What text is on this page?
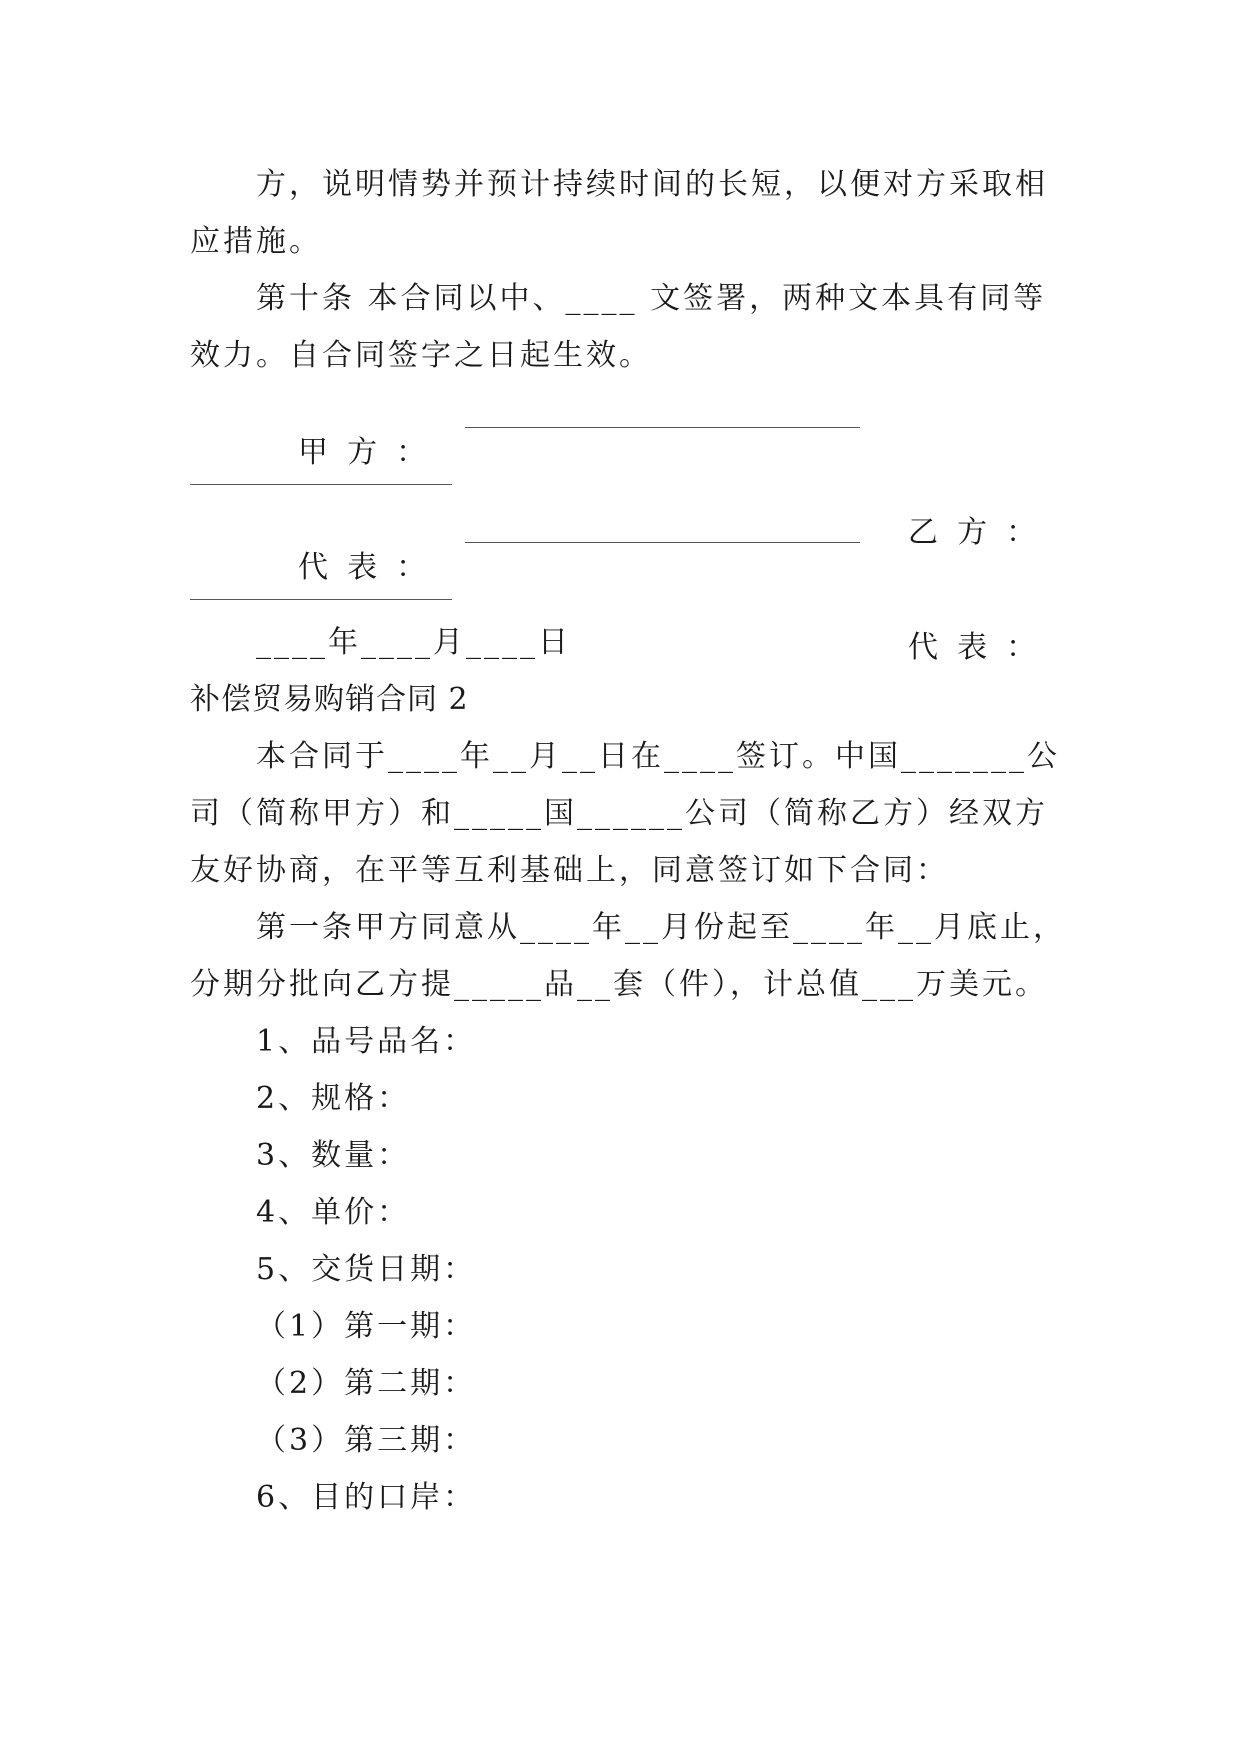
方，说明情势并预计持续时间的长短，以便对方采取相
应措施。
第十条 本合同以中、____ 文签署，两种文本具有同等
效力。自合同签字之日起生效。

甲  方  ：

乙  方  ：

代  表  ：

代  表  ：

____年____月____日
补偿贸易购销合同 2
本合同于____年__月__日在____签订。中国_______公
司（简称甲方）和_____国______公司（简称乙方）经双方
友好协商，在平等互利基础上，同意签订如下合同：
第一条甲方同意从____年__月份起至____年__月底止，
分期分批向乙方提_____品__套（件），计总值___万美元。
1、品号品名：
2、规格：
3、数量：
4、单价：
5、交货日期：
（1）第一期：
（2）第二期：
（3）第三期：
6、目的口岸：
